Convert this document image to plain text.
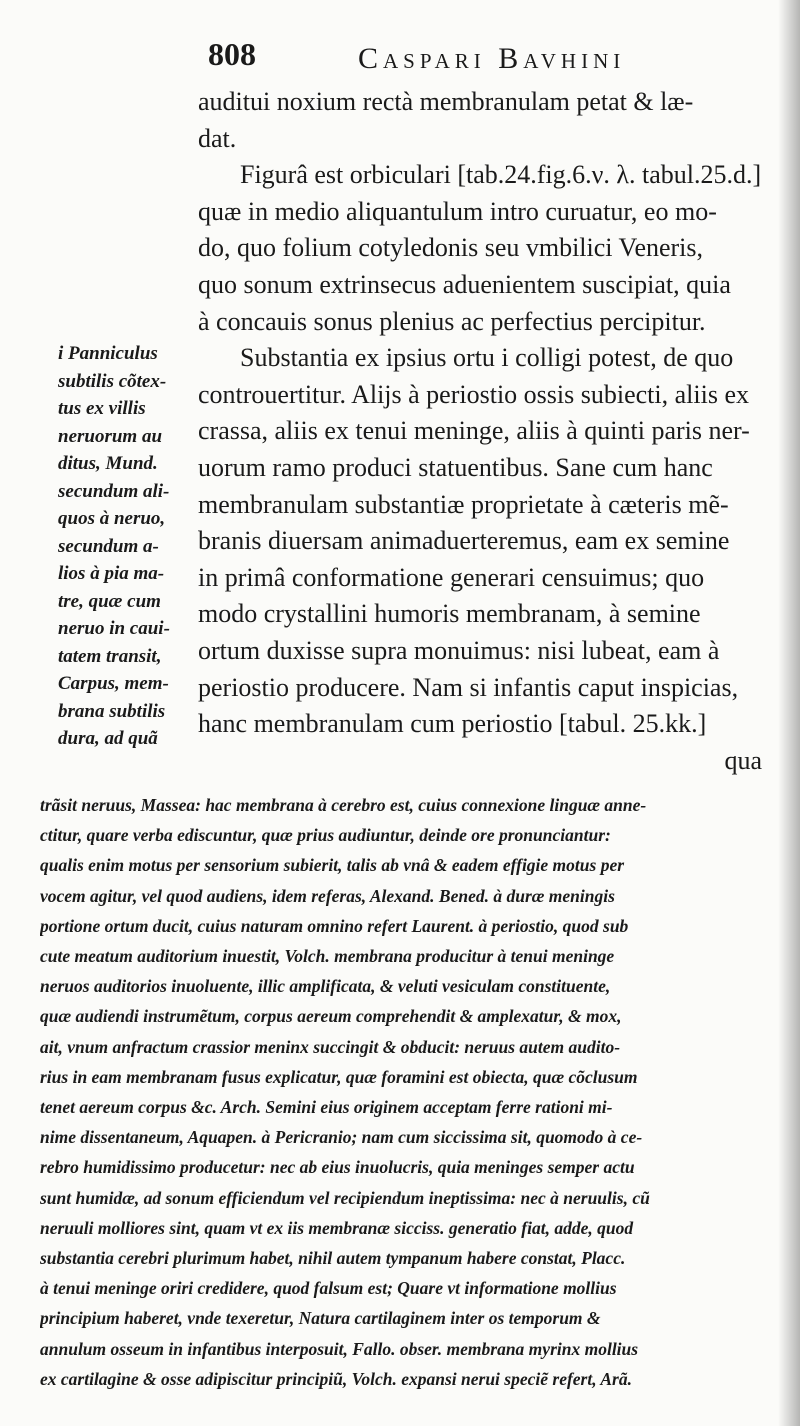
808	Caspari Bavhini
auditui noxium rectà membranulam petat & læ-
dat.
Figurâ est orbiculari [tab.24.fig.6.ν. λ. tabul.25.d.]
quæ in medio aliquantulum intro curuatur, eo mo-
do, quo folium cotyledonis seu vmbilici Veneris,
quo sonum extrinsecus aduenientem suscipiat, quia
à concauis sonus plenius ac perfectius percipitur.
Substantia ex ipsius ortu i colligi potest, de quo
controuertitur. Alijs à periostio ossis subiecti, aliis ex
crassa, aliis ex tenui meninge, aliis à quinti paris ner-
uorum ramo produci statuentibus. Sane cum hanc
membranulam substantiæ proprietate à cæteris mẽ-
branis diuersam animaduerteremus, eam ex semine
in primâ conformatione generari censuimus; quo
modo crystallini humoris membranam, à semine
ortum duxisse supra monuimus: nisi lubeat, eam à
periostio producere. Nam si infantis caput inspicias,
hanc membranulam cum periostio [tabul. 25.kk.]
qua
i Panniculus
subtilis cõtex-
tus ex villis
neruorum au
ditus, Mund.
secundum ali-
quos à neruo,
secundum a-
lios à pia ma-
tre, quæ cum
neruo in caui-
tatem transit,
Carpus, mem-
brana subtilis
dura, ad quã
trãsit neruus, Massea: hac membrana à cerebro est, cuius connexione linguæ anne-
ctitur, quare verba ediscuntur, quæ prius audiuntur, deinde ore pronunciantur:
qualis enim motus per sensorium subierit, talis ab vnâ & eadem effigie motus per
vocem agitur, vel quod audiens, idem referas, Alexand. Bened. à duræ meningis
portione ortum ducit, cuius naturam omnino refert Laurent. à periostio, quod sub
cute meatum auditorium inuestit, Volch. membrana producitur à tenui meninge
neruos auditorios inuoluente, illic amplificata, & veluti vesiculam constituente,
quæ audiendi instrumẽtum, corpus aereum comprehendit & amplexatur, & mox,
ait, vnum anfractum crassior meninx succingit & obducit: neruus autem audito-
rius in eam membranam fusus explicatur, quæ foramini est obiecta, quæ cõclusum
tenet aereum corpus &c. Arch. Semini eius originem acceptam ferre rationi mi-
nime dissentaneum, Aquapen. à Pericranio; nam cum siccissima sit, quomodo à ce-
rebro humidissimo producetur: nec ab eius inuolucris, quia meninges semper actu
sunt humidæ, ad sonum efficiendum vel recipiendum ineptissima: nec à neruulis, cũ
neruuli molliores sint, quam vt ex iis membranæ sicciss. generatio fiat, adde, quod
substantia cerebri plurimum habet, nihil autem tympanum habere constat, Placc.
à tenui meninge oriri credidere, quod falsum est; Quare vt informatione mollius
principium haberet, vnde texeretur, Natura cartilaginem inter os temporum &
annulum osseum in infantibus interposuit, Fallo. obser. membrana myrinx mollius
ex cartilagine & osse adipiscitur principiũ, Volch. expansi nerui speciẽ refert, Arã.
